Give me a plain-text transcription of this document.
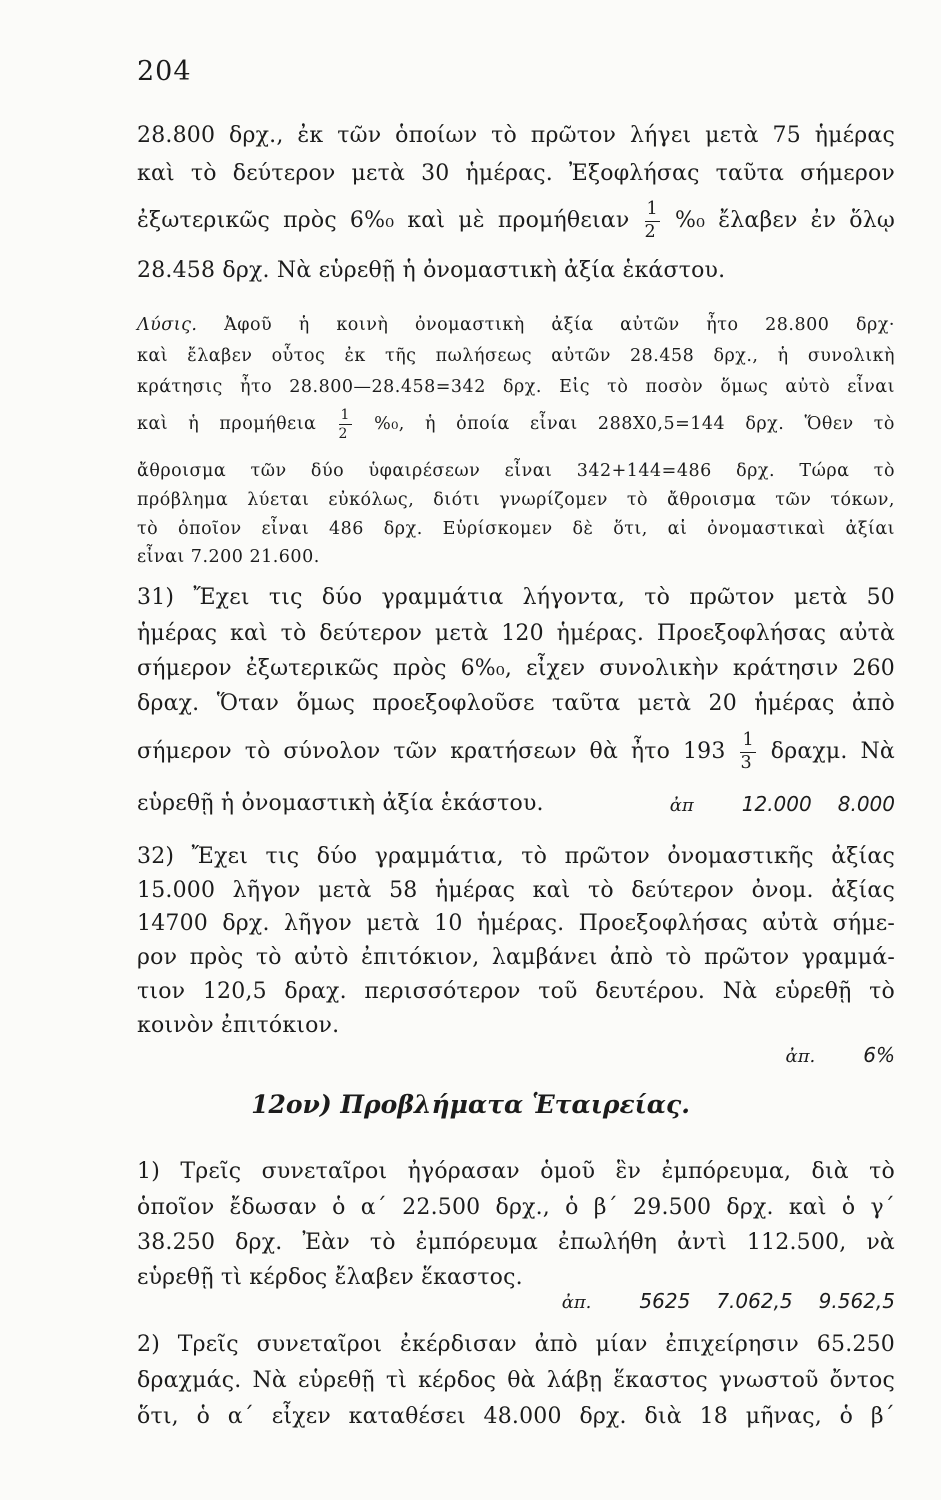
204
28.800 δρχ., ἐκ τῶν ὁποίων τὸ πρῶτον λήγει μετὰ 75 ἡμέρας
καὶ τὸ δεύτερον μετὰ 30 ἡμέρας. Ἐξοφλήσας ταῦτα σήμερον
ἐξωτερικῶς πρὸς 6%₀ καὶ μὲ προμήθειαν $\frac{1}{2} \%_0$ ἔλαβεν ἐν ὅλῳ
28.458 δρχ. Νὰ εὑρεθῇ ἡ ὀνομαστικὴ ἀξία ἑκάστου.
Λύσις. Ἀφοῦ ἡ κοινὴ ὀνομαστικὴ ἀξία αὐτῶν ἦτο 28.800 δρχ·
καὶ ἔλαβεν οὗτος ἐκ τῆς πωλήσεως αὐτῶν 28.458 δρχ., ἡ συνολικὴ
κράτησις ἦτο 28.800—28.458=342 δρχ. Εἰς τὸ ποσὸν ὅμως αὐτὸ εἶναι
καὶ ἡ προμήθεια $\frac{1}{2} \%_0$, ἡ ὁποία εἶναι 288Χ0,5=144 δρχ. Ὅθεν τὸ
ἄθροισμα τῶν δύο ὑφαιρέσεων εἶναι 342+144=486 δρχ. Τώρα τὸ
πρόβλημα λύεται εὐκόλως, διότι γνωρίζομεν τὸ ἄθροισμα τῶν τόκων,
τὸ ὁποῖον εἶναι 486 δρχ. Εὑρίσκομεν δὲ ὅτι, αἱ ὀνομαστικαὶ ἀξίαι
εἶναι 7.200 21.600.
31) Ἔχει τις δύο γραμμάτια λήγοντα, τὸ πρῶτον μετὰ 50
ἡμέρας καὶ τὸ δεύτερον μετὰ 120 ἡμέρας. Προεξοφλήσας αὐτὰ
σήμερον ἐξωτερικῶς πρὸς 6%₀, εἶχεν συνολικὴν κράτησιν 260
δραχ. Ὅταν ὅμως προεξοφλοῦσε ταῦτα μετὰ 20 ἡμέρας ἀπὸ
σήμερον τὸ σύνολον τῶν κρατήσεων θὰ ἦτο $193 \frac{1}{3} \delta\rho\alpha\chi\mu$. Νὰ
εὑρεθῇ ἡ ὀνομαστικὴ ἀξία ἑκάστου.	ἀπ 12.000 8.000
32) Ἔχει τις δύο γραμμάτια, τὸ πρῶτον ὀνομαστικῆς ἀξίας
15.000 λῆγον μετὰ 58 ἡμέρας καὶ τὸ δεύτερον ὀνομ. ἀξίας
14700 δρχ. λῆγον μετὰ 10 ἡμέρας. Προεξοφλήσας αὐτὰ σήμε-
ρον πρὸς τὸ αὐτὸ ἐπιτόκιον, λαμβάνει ἀπὸ τὸ πρῶτον γραμμά-
τιον 120,5 δραχ. περισσότερον τοῦ δευτέρου. Νὰ εὑρεθῇ τὸ
κοινὸν ἐπιτόκιον.
ἀπ. 6%
12ον) Προβλήματα Ἑταιρείας.
1) Τρεῖς συνεταῖροι ἠγόρασαν ὁμοῦ ἓν ἐμπόρευμα, διὰ τὸ
ὁποῖον ἔδωσαν ὁ α΄ 22.500 δρχ., ὁ β΄ 29.500 δρχ. καὶ ὁ γ΄
38.250 δρχ. Ἐὰν τὸ ἐμπόρευμα ἐπωλήθη ἀντὶ 112.500, νὰ
εὑρεθῇ τὶ κέρδος ἔλαβεν ἕκαστος.
ἀπ. 5625 7.062,5 9.562,5
2) Τρεῖς συνεταῖροι ἐκέρδισαν ἀπὸ μίαν ἐπιχείρησιν 65.250
δραχμάς. Νὰ εὑρεθῇ τὶ κέρδος θὰ λάβῃ ἕκαστος γνωστοῦ ὄντος
ὅτι, ὁ α΄ εἶχεν καταθέσει 48.000 δρχ. διὰ 18 μῆνας, ὁ β΄
